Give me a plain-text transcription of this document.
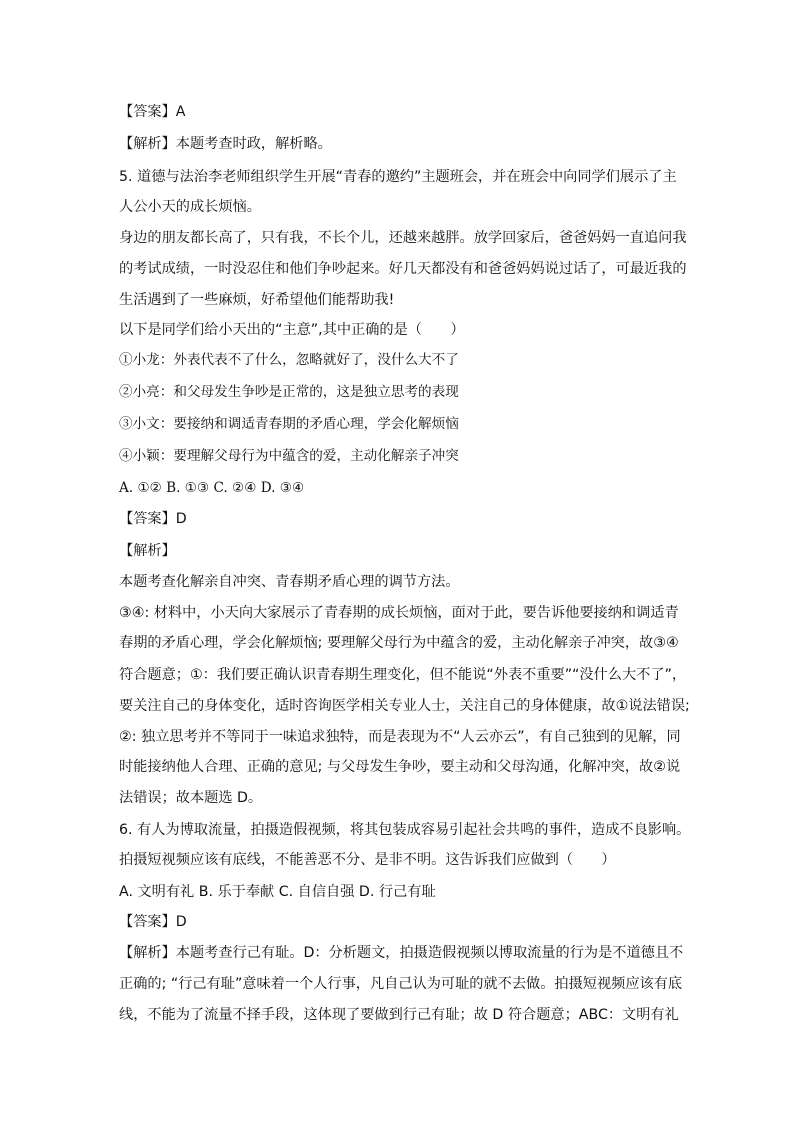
【答案】A
【解析】本题考查时政，解析略。
5. 道德与法治李老师组织学生开展“青春的邀约”主题班会，并在班会中向同学们展示了主
人公小天的成长烦恼。
身边的朋友都长高了，只有我，不长个儿，还越来越胖。放学回家后，爸爸妈妈一直追问我
的考试成绩，一时没忍住和他们争吵起来。好几天都没有和爸爸妈妈说过话了，可最近我的
生活遇到了一些麻烦，好希望他们能帮助我!
以下是同学们给小天出的“主意”,其中正确的是（　　）
①小龙：外表代表不了什么，忽略就好了，没什么大不了
②小亮：和父母发生争吵是正常的，这是独立思考的表现
③小文：要接纳和调适青春期的矛盾心理，学会化解烦恼
④小颖：要理解父母行为中蕴含的爱，主动化解亲子冲突
A. ①② B. ①③ C. ②④ D. ③④
【答案】D
【解析】
本题考查化解亲自冲突、青春期矛盾心理的调节方法。
③④: 材料中，小天向大家展示了青春期的成长烦恼，面对于此，要告诉他要接纳和调适青
春期的矛盾心理，学会化解烦恼; 要理解父母行为中蕴含的爱，主动化解亲子冲突，故③④
符合题意；①：我们要正确认识青春期生理变化，但不能说“外表不重要”“没什么大不了”，
要关注自己的身体变化，适时咨询医学相关专业人士，关注自己的身体健康，故①说法错误;
②: 独立思考并不等同于一味追求独特，而是表现为不“人云亦云”，有自己独到的见解，同
时能接纳他人合理、正确的意见; 与父母发生争吵，要主动和父母沟通，化解冲突，故②说
法错误；故本题选 D。
6. 有人为博取流量，拍摄造假视频，将其包装成容易引起社会共鸣的事件，造成不良影响。
拍摄短视频应该有底线，不能善恶不分、是非不明。这告诉我们应做到（　　）
A. 文明有礼 B. 乐于奉献 C. 自信自强 D. 行己有耻
【答案】D
【解析】本题考查行己有耻。D：分析题文，拍摄造假视频以博取流量的行为是不道德且不
正确的; “行己有耻”意味着一个人行事，凡自己认为可耻的就不去做。拍摄短视频应该有底
线，不能为了流量不择手段，这体现了要做到行己有耻；故 D 符合题意；ABC：文明有礼
